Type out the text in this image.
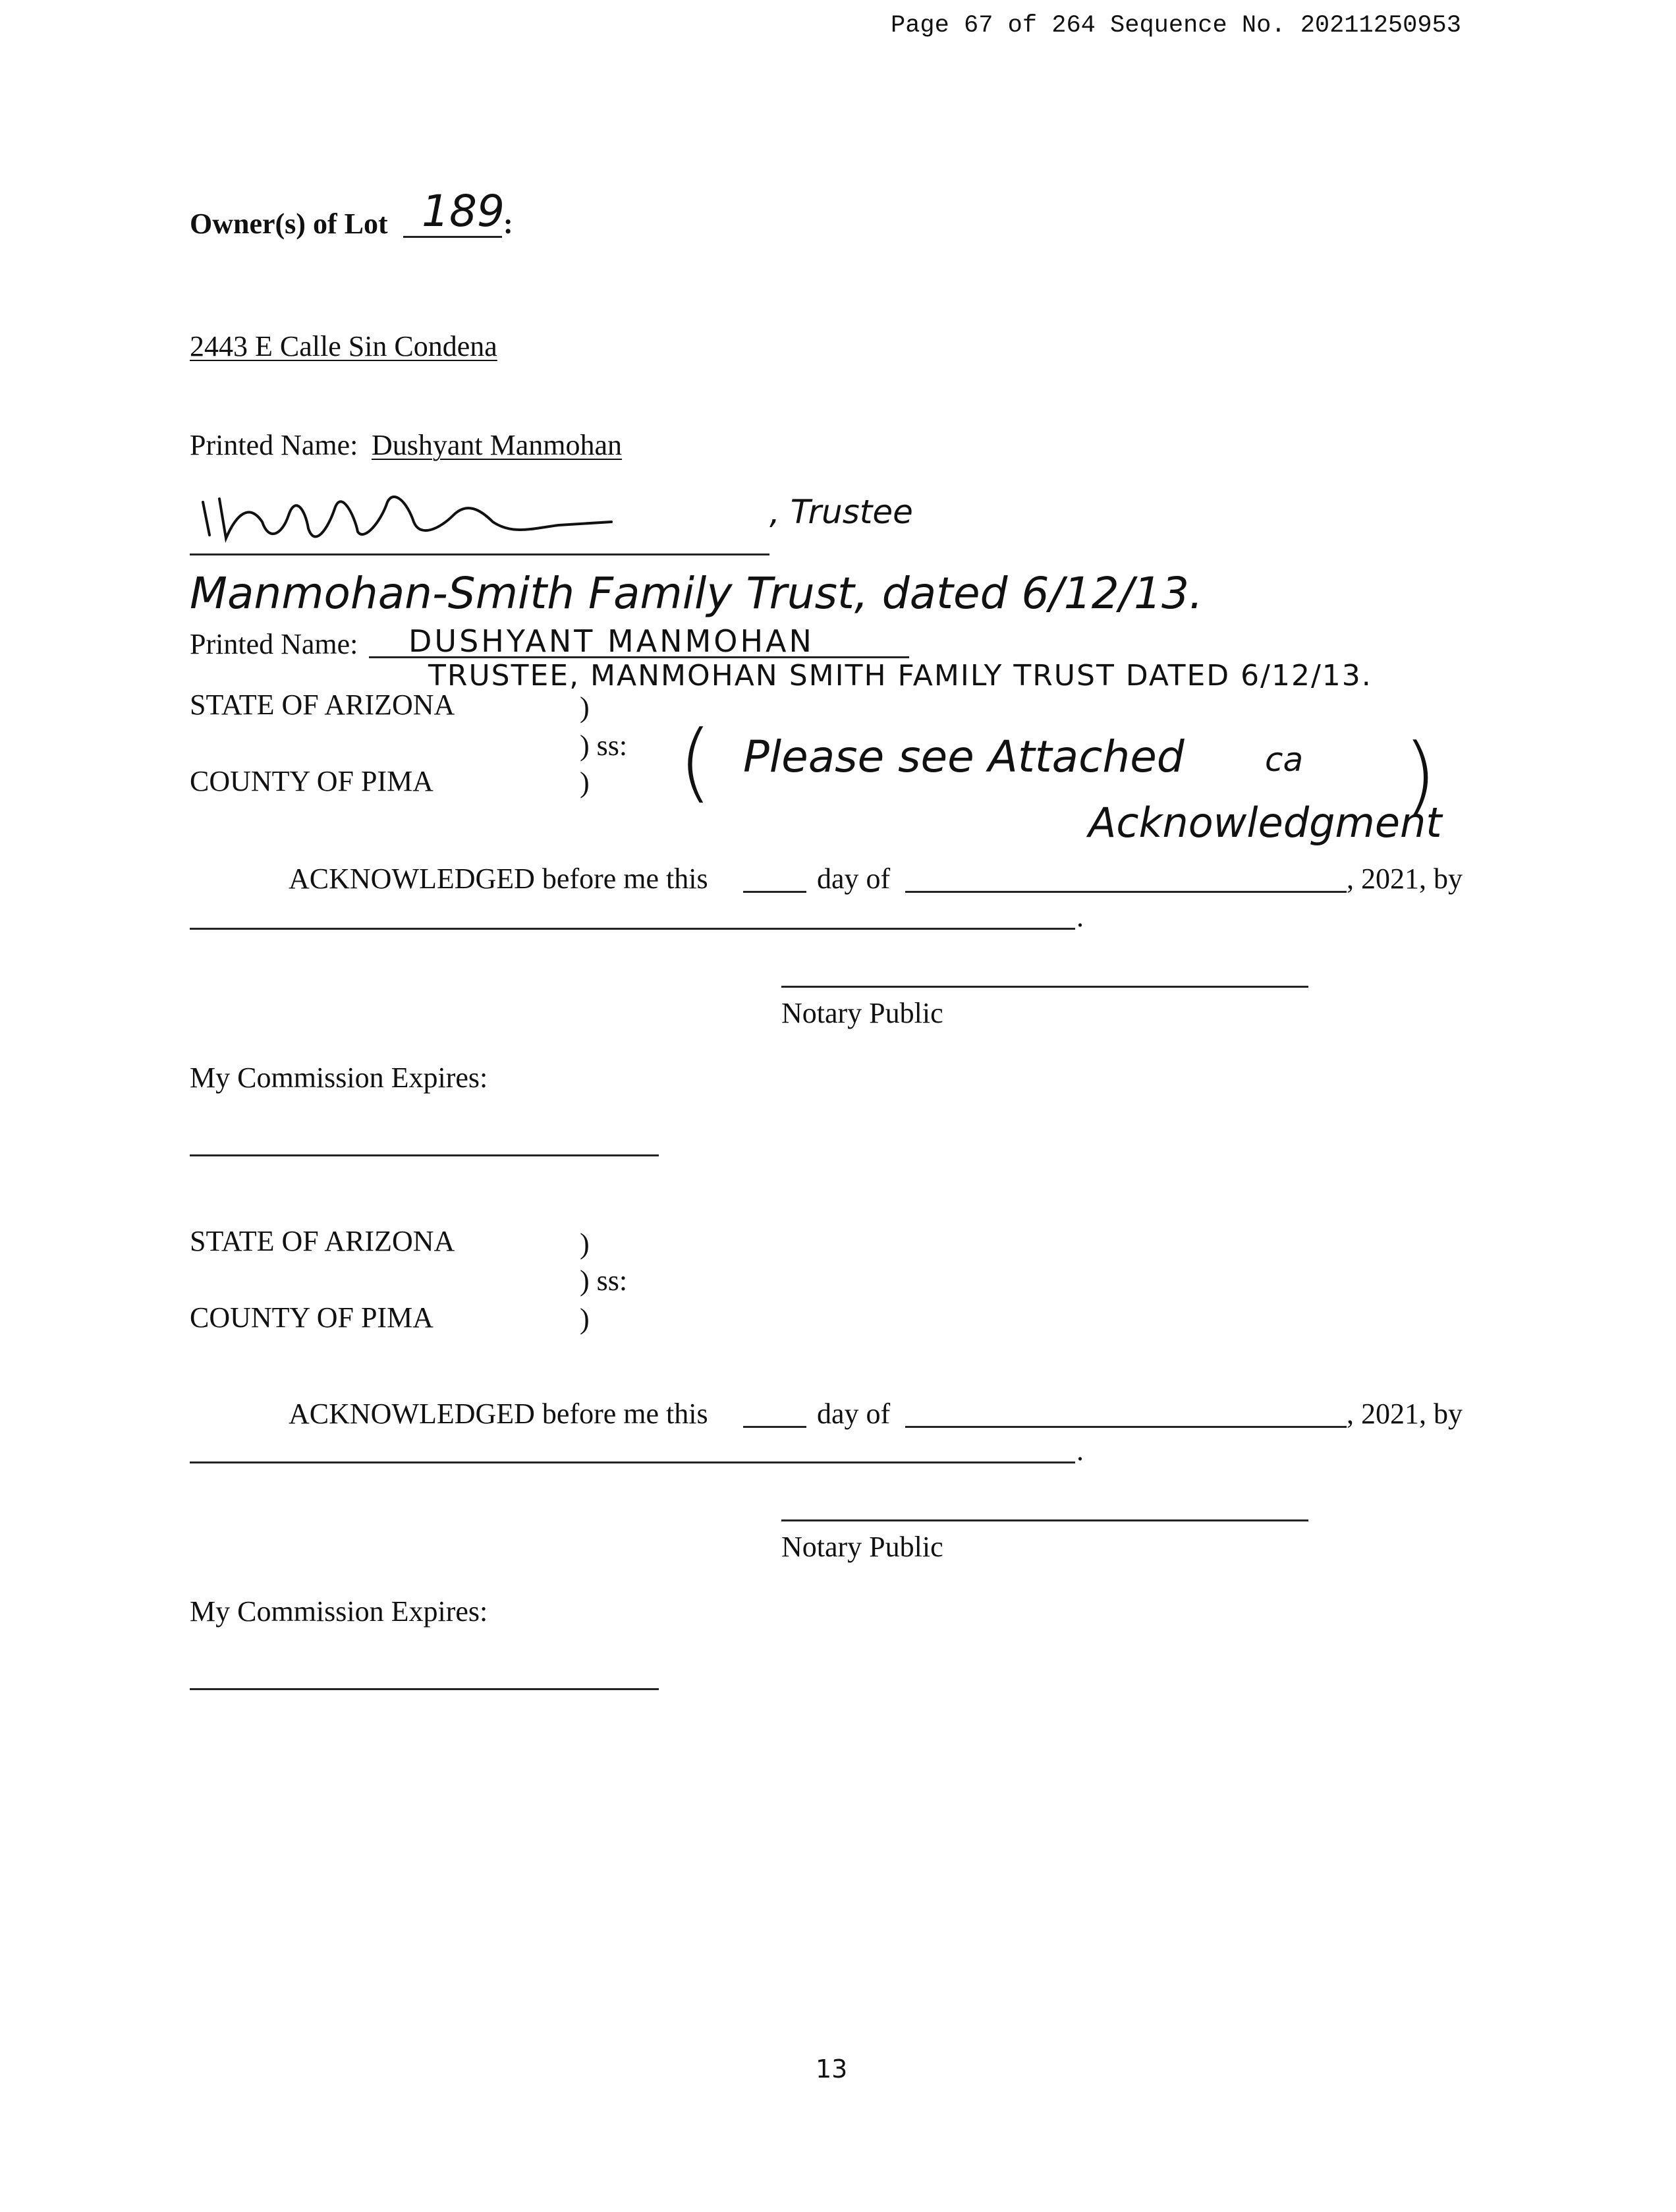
Page 67 of 264 Sequence No. 20211250953
Owner(s) of Lot 189
:
2443 E Calle Sin Condena
Printed Name: Dushyant Manmohan
, Trustee
Manmohan-Smith Family Trust, dated 6/12/13.
Printed Name: DUSHYANT MANMOHAN
TRUSTEE, MANMOHAN SMITH FAMILY TRUST DATED 6/12/13.
STATE OF ARIZONA	)
) ss:
COUNTY OF PIMA	) ( Please see Attached ca
Acknowledgment
)
ACKNOWLEDGED before me this	day of	, 2021, by
.
Notary Public
My Commission Expires:
STATE OF ARIZONA	)
) ss:
COUNTY OF PIMA	)
ACKNOWLEDGED before me this	day of	, 2021, by
.
Notary Public
My Commission Expires:
13
